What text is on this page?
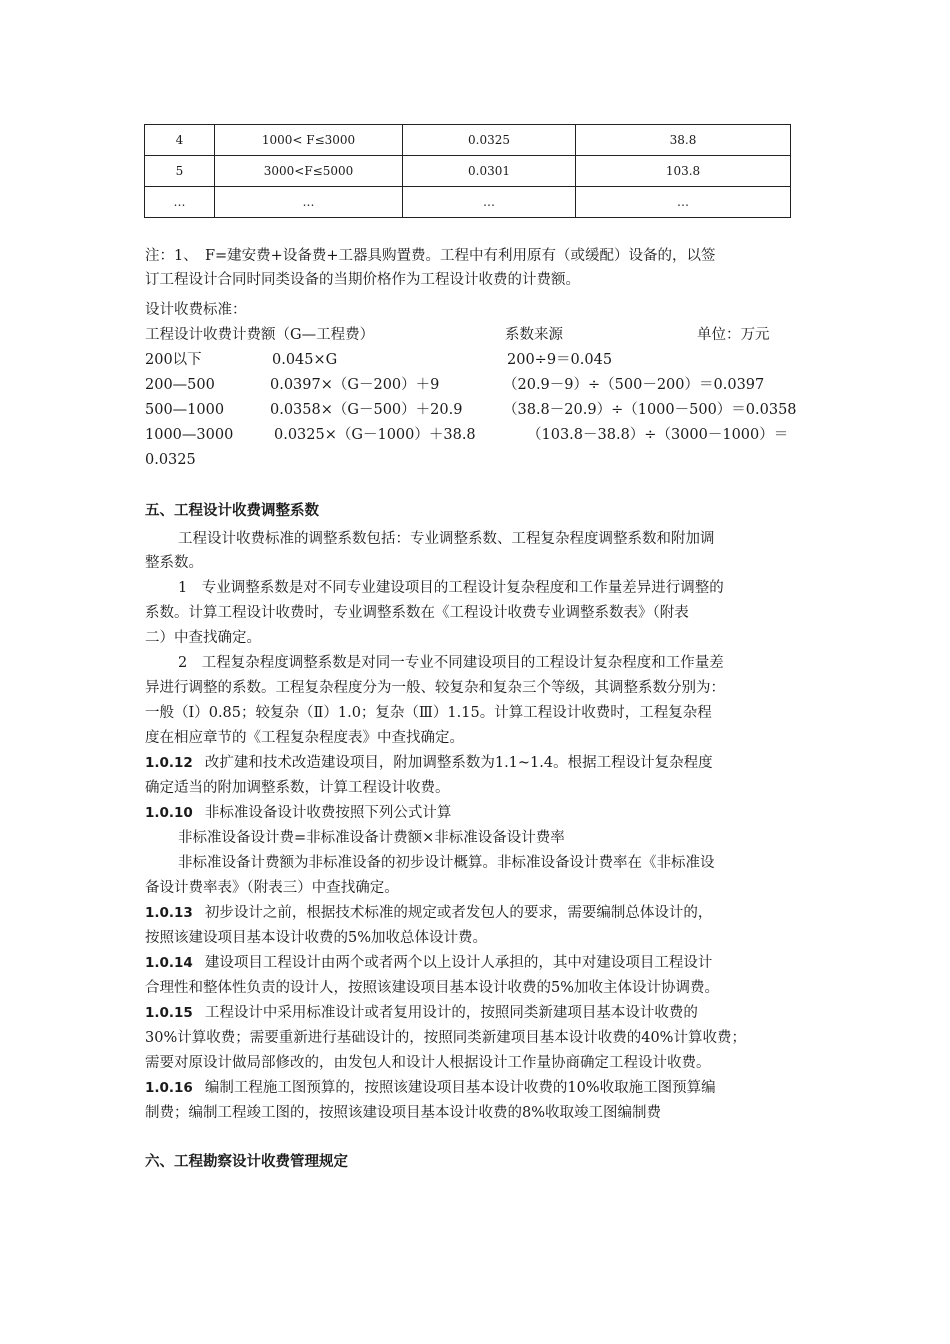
4	1000< F≤3000	0.0325	38.8
5	3000<F≤5000	0.0301	103.8
…	…	…	…

注：1、　F=建安费+设备费+工器具购置费。工程中有利用原有（或缓配）设备的，以签

订工程设计合同时同类设备的当期价格作为工程设计收费的计费额。

设计收费标准：

工程设计收费计费额（G—工程费）	系数来源	单位：万元

200以下	0.045×G	200÷9＝0.045

200—500	0.0397×（G－200）＋9	（20.9－9）÷（500－200）＝0.0397

500—1000	0.0358×（G－500）＋20.9	（38.8－20.9）÷（1000－500）＝0.0358

1000—3000	0.0325×（G－1000）＋38.8	（103.8－38.8）÷（3000－1000）＝

0.0325

五、工程设计收费调整系数

工程设计收费标准的调整系数包括：专业调整系数、工程复杂程度调整系数和附加调

整系数。

1　专业调整系数是对不同专业建设项目的工程设计复杂程度和工作量差异进行调整的

系数。计算工程设计收费时，专业调整系数在《工程设计收费专业调整系数表》（附表

二）中查找确定。

2　工程复杂程度调整系数是对同一专业不同建设项目的工程设计复杂程度和工作量差

异进行调整的系数。工程复杂程度分为一般、较复杂和复杂三个等级，其调整系数分别为：

一般（Ⅰ）0.85；较复杂（Ⅱ）1.0；复杂（Ⅲ）1.15。计算工程设计收费时，工程复杂程

度在相应章节的《工程复杂程度表》中查找确定。

1.0.12 改扩建和技术改造建设项目，附加调整系数为1.1~1.4。根据工程设计复杂程度

确定适当的附加调整系数，计算工程设计收费。

1.0.10 非标准设备设计收费按照下列公式计算

非标准设备设计费=非标准设备计费额×非标准设备设计费率

非标准设备计费额为非标准设备的初步设计概算。非标准设备设计费率在《非标准设

备设计费率表》（附表三）中查找确定。

1.0.13 初步设计之前，根据技术标准的规定或者发包人的要求，需要编制总体设计的，

按照该建设项目基本设计收费的5%加收总体设计费。

1.0.14 建设项目工程设计由两个或者两个以上设计人承担的，其中对建设项目工程设计

合理性和整体性负责的设计人，按照该建设项目基本设计收费的5%加收主体设计协调费。

1.0.15 工程设计中采用标准设计或者复用设计的，按照同类新建项目基本设计收费的

30%计算收费；需要重新进行基础设计的，按照同类新建项目基本设计收费的40%计算收费；

需要对原设计做局部修改的，由发包人和设计人根据设计工作量协商确定工程设计收费。

1.0.16 编制工程施工图预算的，按照该建设项目基本设计收费的10%收取施工图预算编

制费；编制工程竣工图的，按照该建设项目基本设计收费的8%收取竣工图编制费

六、工程勘察设计收费管理规定
